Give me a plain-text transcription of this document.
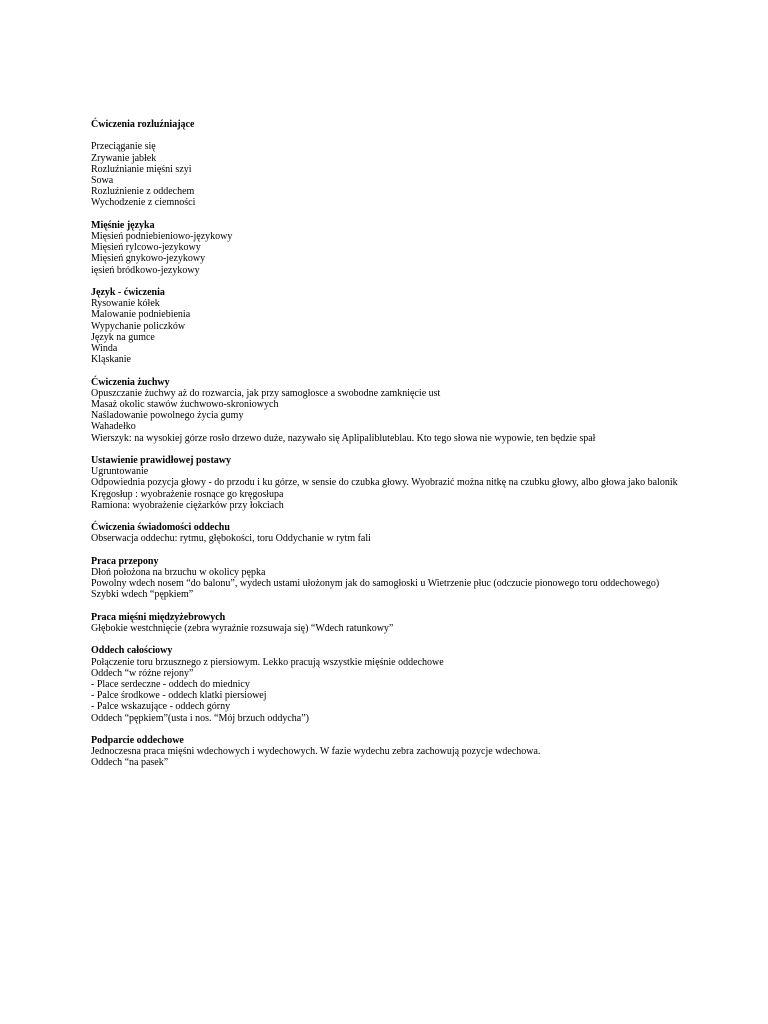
Ćwiczenia rozluźniające
Przeciąganie się
Zrywanie jabłek
Rozluźnianie mięśni szyi
Sowa
Rozluźnienie z oddechem
Wychodzenie z ciemności
Mięśnie języka
Mięsień podniebieniowo-językowy
Mięsień rylcowo-jezykowy
Mięsień gnykowo-jezykowy
ięsień bródkowo-jezykowy
Język - ćwiczenia
Rysowanie kółek
Malowanie podniebienia
Wypychanie policzków
Język na gumce
Winda
Kląskanie
Ćwiczenia żuchwy
Opuszczanie żuchwy aż do rozwarcia, jak przy samogłosce a swobodne zamknięcie ust
Masaż okolic stawów żuchwowo-skroniowych
Naśladowanie powolnego życia gumy
Wahadełko
Wierszyk: na wysokiej górze rosło drzewo duże, nazywało się Aplipalibluteblau. Kto tego słowa nie wypowie, ten będzie spał
Ustawienie prawidłowej postawy
Ugruntowanie
Odpowiednia pozycja głowy - do przodu i ku górze, w sensie do czubka głowy. Wyobrazić można nitkę na czubku głowy, albo głowa jako balonik
Kręgosłup : wyobrażenie rosnące go kręgosłupa
Ramiona: wyobrażenie ciężarków przy łokciach
Ćwiczenia świadomości oddechu
Obserwacja oddechu: rytmu, głębokości, toru Oddychanie w rytm fali
Praca przepony
Dłoń położona na brzuchu w okolicy pępka
Powolny wdech nosem “do balonu”, wydech ustami ułożonym jak do samogłoski u Wietrzenie płuc (odczucie pionowego toru oddechowego)
Szybki wdech “pępkiem”
Praca mięśni międzyżebrowych
Głębokie westchnięcie (zebra wyraźnie rozsuwaja się) “Wdech ratunkowy”
Oddech całościowy
Połączenie toru brzusznego z piersiowym. Lekko pracują wszystkie mięśnie oddechowe
Oddech “w różne rejony”
- Place serdeczne - oddech do miednicy
- Palce środkowe - oddech klatki piersiowej
- Palce wskazujące - oddech górny
Oddech “pępkiem”(usta i nos. “Mój brzuch oddycha”)
Podparcie oddechowe
Jednoczesna praca mięśni wdechowych i wydechowych. W fazie wydechu zebra zachowują pozycje wdechowa.
Oddech “na pasek”
